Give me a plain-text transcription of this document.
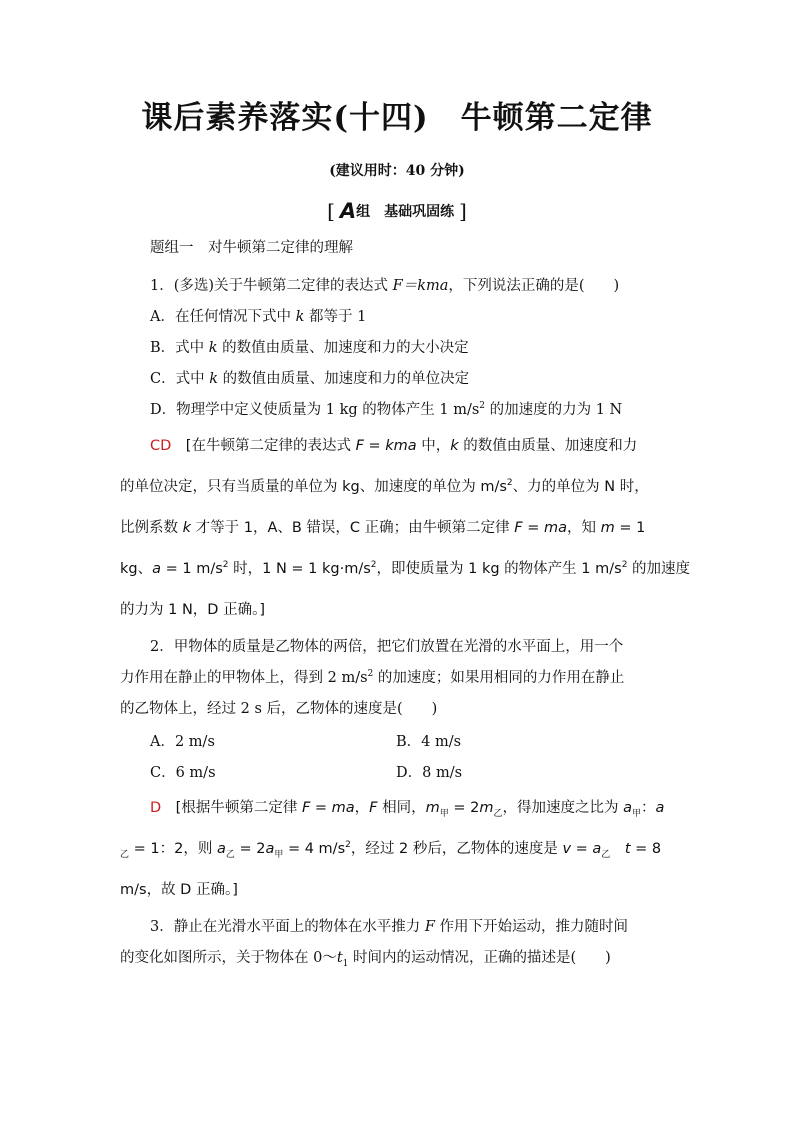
课后素养落实(十四)　牛顿第二定律
(建议用时：40 分钟)
[ A组　基础巩固练 ]
题组一　对牛顿第二定律的理解
1．(多选)关于牛顿第二定律的表达式 F＝kma，下列说法正确的是(　　)
A．在任何情况下式中 k 都等于 1
B．式中 k 的数值由质量、加速度和力的大小决定
C．式中 k 的数值由质量、加速度和力的单位决定
D．物理学中定义使质量为 1 kg 的物体产生 1 $m/s^2$ 的加速度的力为 1 N
CD　 [在牛顿第二定律的表达式 F = kma 中，k 的数值由质量、加速度和力
的单位决定，只有当质量的单位为 kg、加速度的单位为 $m/s^2$、力的单位为 N 时，
比例系数 k 才等于 1，A、B 错误，C 正确；由牛顿第二定律 F = ma，知 m = 1
kg、a = 1 $m/s^2$ 时，1 N = 1 $kg\cdot m/s^2$，即使质量为 1 kg 的物体产生 1 $m/s^2$ 的加速度
的力为 1 N，D 正确。]
2．甲物体的质量是乙物体的两倍，把它们放置在光滑的水平面上，用一个
力作用在静止的甲物体上，得到 2 $m/s^2$ 的加速度；如果用相同的力作用在静止
的乙物体上，经过 2 s 后，乙物体的速度是(　　)
A．2 m/s	B．4 m/s
C．6 m/s	D．8 m/s
D　 [根据牛顿第二定律 F = ma，F 相同，$m_甲 = 2m_乙$，得加速度之比为 $a_甲$：a
$_乙$ = 1：2，则 $a_乙 = 2a_甲 = 4$ $m/s^2$，经过 2 秒后，乙物体的速度是 $v = a_乙$　 t = 8
m/s，故 D 正确。]
3．静止在光滑水平面上的物体在水平推力 F 作用下开始运动，推力随时间
的变化如图所示，关于物体在 $0\sim t_1$ 时间内的运动情况，正确的描述是(　　)
